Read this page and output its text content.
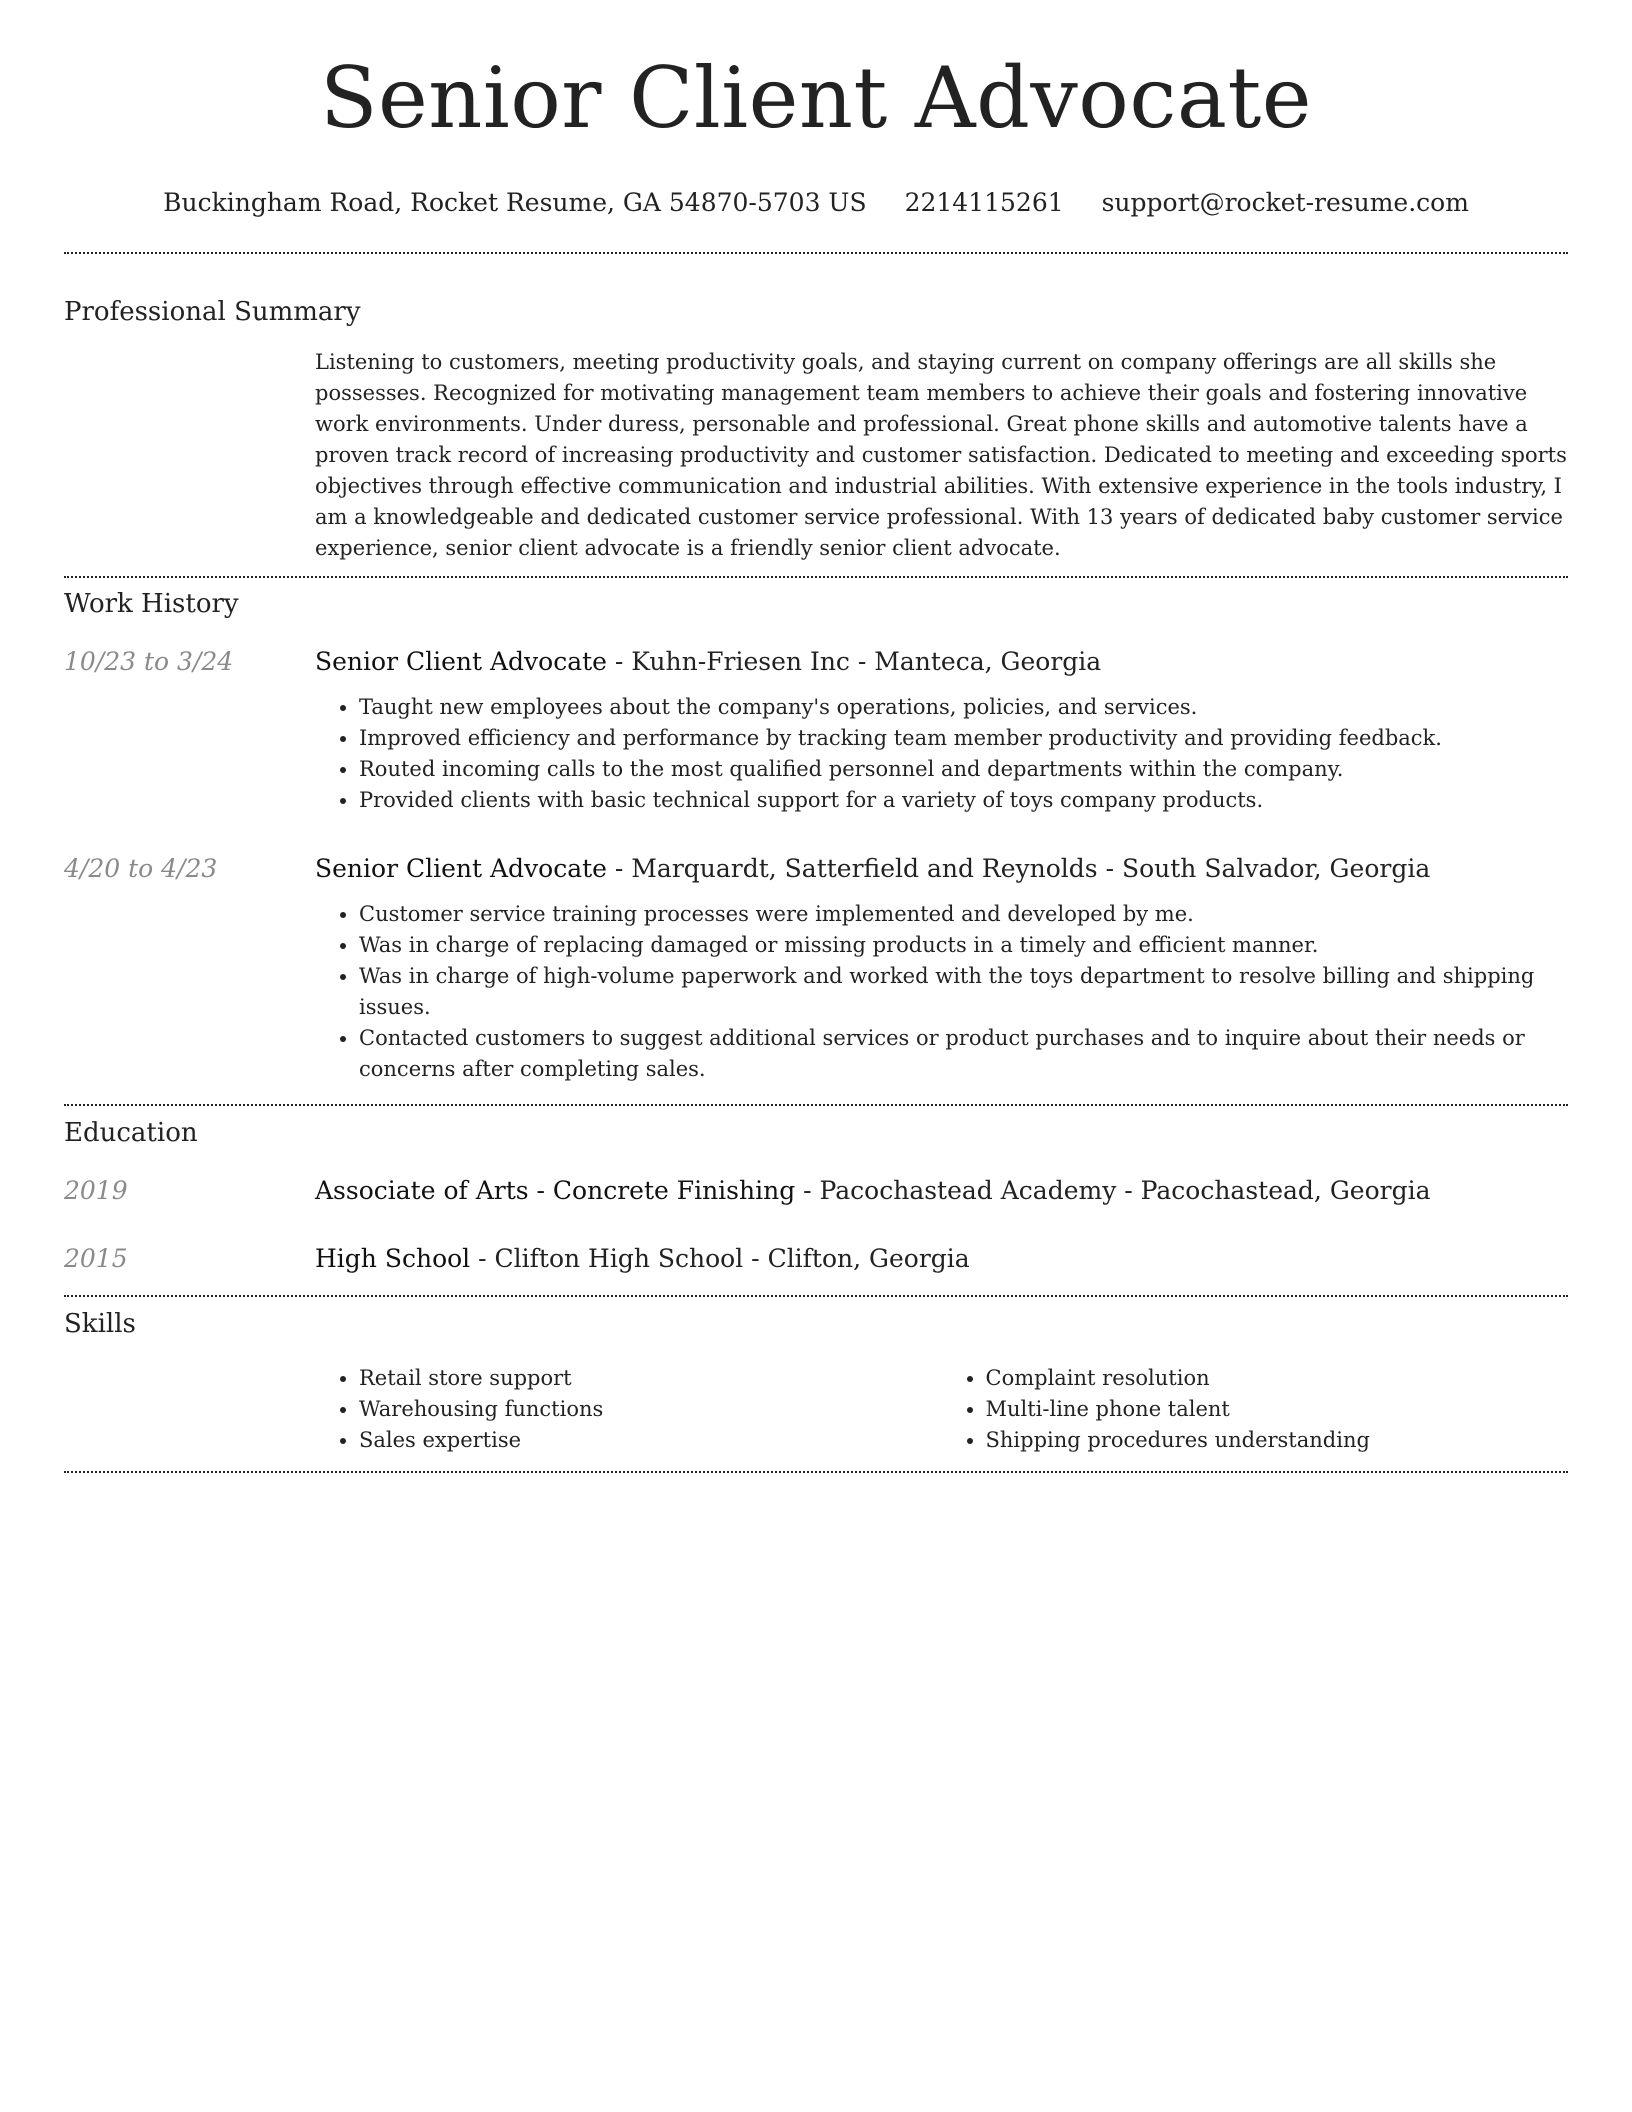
Senior Client Advocate
Buckingham Road, Rocket Resume, GA 54870-5703 US 2214115261 support@rocket-resume.com
Professional Summary
Listening to customers, meeting productivity goals, and staying current on company offerings are all skills she possesses. Recognized for motivating management team members to achieve their goals and fostering innovative work environments. Under duress, personable and professional. Great phone skills and automotive talents have a proven track record of increasing productivity and customer satisfaction. Dedicated to meeting and exceeding sports objectives through effective communication and industrial abilities. With extensive experience in the tools industry, I am a knowledgeable and dedicated customer service professional. With 13 years of dedicated baby customer service experience, senior client advocate is a friendly senior client advocate.
Work History
10/23 to 3/24	Senior Client Advocate - Kuhn-Friesen Inc - Manteca, Georgia
• Taught new employees about the company's operations, policies, and services.
• Improved efficiency and performance by tracking team member productivity and providing feedback.
• Routed incoming calls to the most qualified personnel and departments within the company.
• Provided clients with basic technical support for a variety of toys company products.
4/20 to 4/23	Senior Client Advocate - Marquardt, Satterfield and Reynolds - South Salvador, Georgia
• Customer service training processes were implemented and developed by me.
• Was in charge of replacing damaged or missing products in a timely and efficient manner.
• Was in charge of high-volume paperwork and worked with the toys department to resolve billing and shipping issues.
• Contacted customers to suggest additional services or product purchases and to inquire about their needs or concerns after completing sales.
Education
2019	Associate of Arts - Concrete Finishing - Pacochastead Academy - Pacochastead, Georgia
2015	High School - Clifton High School - Clifton, Georgia
Skills
• Retail store support
• Warehousing functions
• Sales expertise
• Complaint resolution
• Multi-line phone talent
• Shipping procedures understanding
